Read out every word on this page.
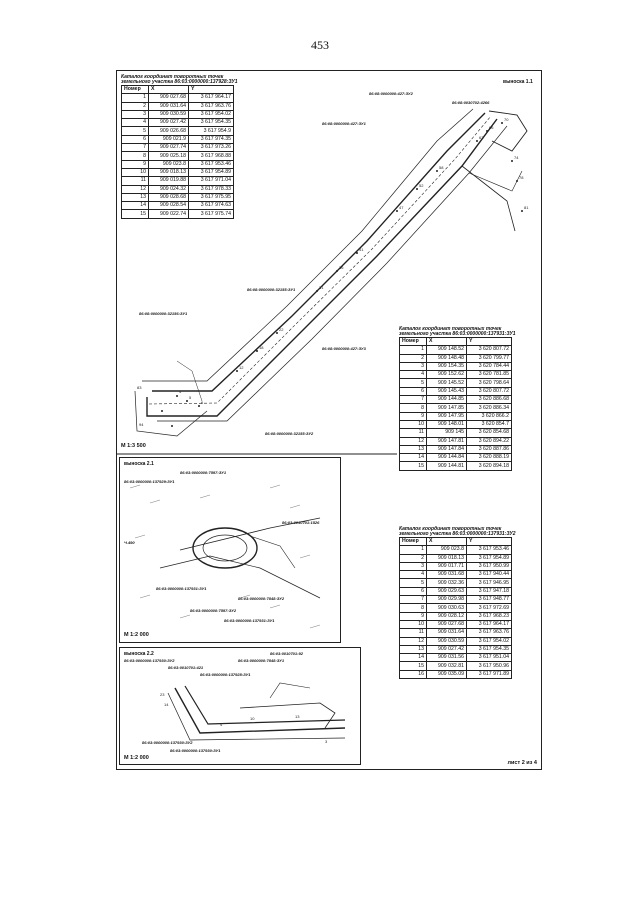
453
4
5
6
12
18
22
31
36
41
47
52
58
63
66
70
74
78
81
83
94
Каталог координат поворотных точек
земельного участка 86:03:0000000:137928:ЗУ1
Номер	X	Y
1	909 027.68	3 617 964.17
2	909 031.64	3 617 963.76
3	909 030.59	3 617 954.02
4	909 027.42	3 617 954.35
5	909 026.68	3 617 954.9
6	909 021.9	3 617 974.35
7	909 027.74	3 617 973.26
8	909 025.18	3 617 968.88
9	909 023.8	3 617 953.46
10	909 018.13	3 617 954.89
11	909 019.88	3 617 971.04
12	909 024.32	3 617 978.33
13	909 028.68	3 617 975.95
14	909 028.54	3 617 974.63
15	909 022.74	3 617 975.74
выноска 1.1
86:08:0000000:427:ЗУ2
86:08:0030702:4266
86:08:0000000:427:ЗУ1
86:08:0000000:32155:ЗУ1
86:08:0000000:32156:ЗУ1
86:08:0000000:427:ЗУ3
86:08:0000000:32155:ЗУ2
М 1:3 500
Каталог координат поворотных точек
земельного участка 86:03:0000000:137931:ЗУ1
Номер	X	Y
1	909 148.52	3 620 807.72
2	909 148.48	3 620 799.77
3	909 154.35	3 620 784.44
4	909 152.62	3 620 781.85
5	909 145.52	3 620 798.64
6	909 145.43	3 620 807.72
7	909 144.85	3 620 886.68
8	909 147.85	3 620 886.34
9	909 147.95	3 620 866.2
10	909 148.01	3 620 854.7
11	909 145	3 620 854.68
12	909 147.81	3 620 894.22
13	909 147.84	3 620 887.86
14	909 144.84	3 620 888.19
15	909 144.81	3 620 894.18
выноска 2.1
86:03:0000000:7597:ЗУ1
86:03:0000000:137929:ЗУ1
86:03:0010701:1526
Ч.490
86:03:0000000:137931:ЗУ1
86:03:0000000:7848:ЗУ2
86:03:0000000:7597:ЗУ2
86:03:0000000:137931:ЗУ1
М 1:2 000
Каталог координат поворотных точек
земельного участка 86:03:0000000:137931:ЗУ2
Номер	X	Y
1	909 023.8	3 617 953.46
2	909 018.13	3 617 954.89
3	909 017.71	3 617 950.99
4	909 031.68	3 617 940.44
5	909 032.36	3 617 946.95
6	909 029.63	3 617 947.18
7	909 029.98	3 617 948.77
8	909 030.63	3 617 972.69
9	909 028.12	3 617 968.23
10	909 027.68	3 617 964.17
11	909 031.64	3 617 963.76
12	909 030.59	3 617 954.02
13	909 027.42	3 617 954.35
14	909 031.56	3 617 951.04
15	909 032.81	3 617 950.96
16	909 035.09	3 617 971.89
23
14
4
10	13
3
выноска 2.2	86:03:0010701:92
86:03:0000000:137930:ЗУ2	86:03:0000000:7848:ЗУ1
86:03:0010701:421
86:03:0000000:137928:ЗУ1
86:03:0000000:137930:ЗУ2
86:03:0000000:137930:ЗУ1
М 1:2 000
лист 2 из 4
